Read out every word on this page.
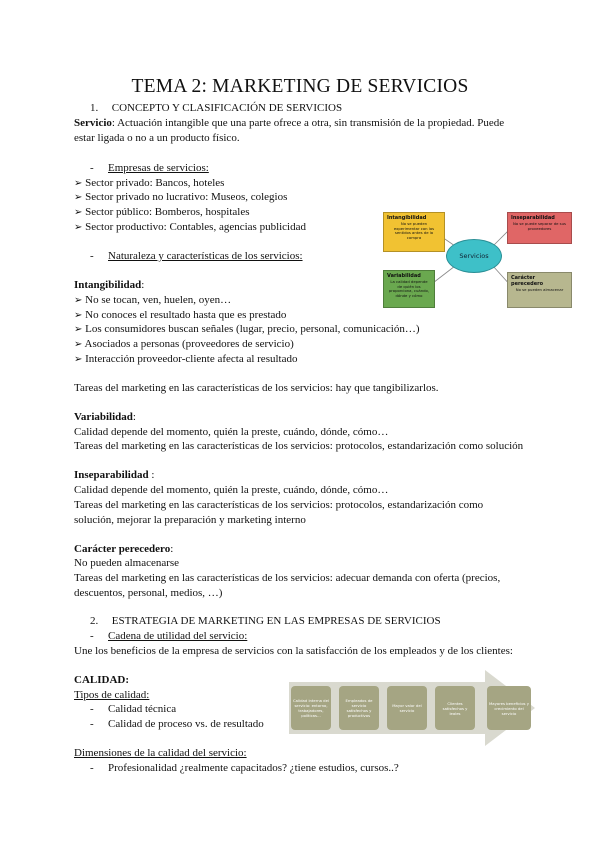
TEMA 2: MARKETING DE SERVICIOS
1. CONCEPTO Y CLASIFICACIÓN DE SERVICIOS
Servicio: Actuación intangible que una parte ofrece a otra, sin transmisión de la propiedad. Puede estar ligada o no a un producto físico.
- Empresas de servicios:
➢ Sector privado: Bancos, hoteles
➢ Sector privado no lucrativo: Museos, colegios
➢ Sector público: Bomberos, hospitales
➢ Sector productivo: Contables, agencias publicidad
- Naturaleza y características de los servicios:
Intangibilidad
No se pueden experimentar con los sentidos antes de la compra
Inseparabilidad
No se puede separar de sus proveedores
Servicios
Variabilidad
La calidad depende de quién los proporciona, cuándo, dónde y cómo
Carácter perecedero
No se pueden almacenar
Intangibilidad:
➢ No se tocan, ven, huelen, oyen…
➢ No conoces el resultado hasta que es prestado
➢ Los consumidores buscan señales (lugar, precio, personal, comunicación…)
➢ Asociados a personas (proveedores de servicio)
➢ Interacción proveedor-cliente afecta al resultado
Tareas del marketing en las características de los servicios: hay que tangibilizarlos.
Variabilidad:
Calidad depende del momento, quién la preste, cuándo, dónde, cómo…
Tareas del marketing en las características de los servicios: protocolos, estandarización como solución
Inseparabilidad :
Calidad depende del momento, quién la preste, cuándo, dónde, cómo…
Tareas del marketing en las características de los servicios: protocolos, estandarización como solución, mejorar la preparación y marketing interno
Carácter perecedero:
No pueden almacenarse
Tareas del marketing en las características de los servicios: adecuar demanda con oferta (precios, descuentos, personal, medios, …)
2. ESTRATEGIA DE MARKETING EN LAS EMPRESAS DE SERVICIOS
- Cadena de utilidad del servicio:
Une los beneficios de la empresa de servicios con la satisfacción de los empleados y de los clientes:
CALIDAD:
Tipos de calidad:
- Calidad técnica
- Calidad de proceso vs. de resultado
Calidad interna del servicio: entorno, trabajadores, políticas…
Empleados de servicio satisfechos y productivos
Mayor valor del servicio
Clientes satisfechos y leales
Mayores beneficios y crecimiento del servicio
Dimensiones de la calidad del servicio:
- Profesionalidad ¿realmente capacitados? ¿tiene estudios, cursos..?
